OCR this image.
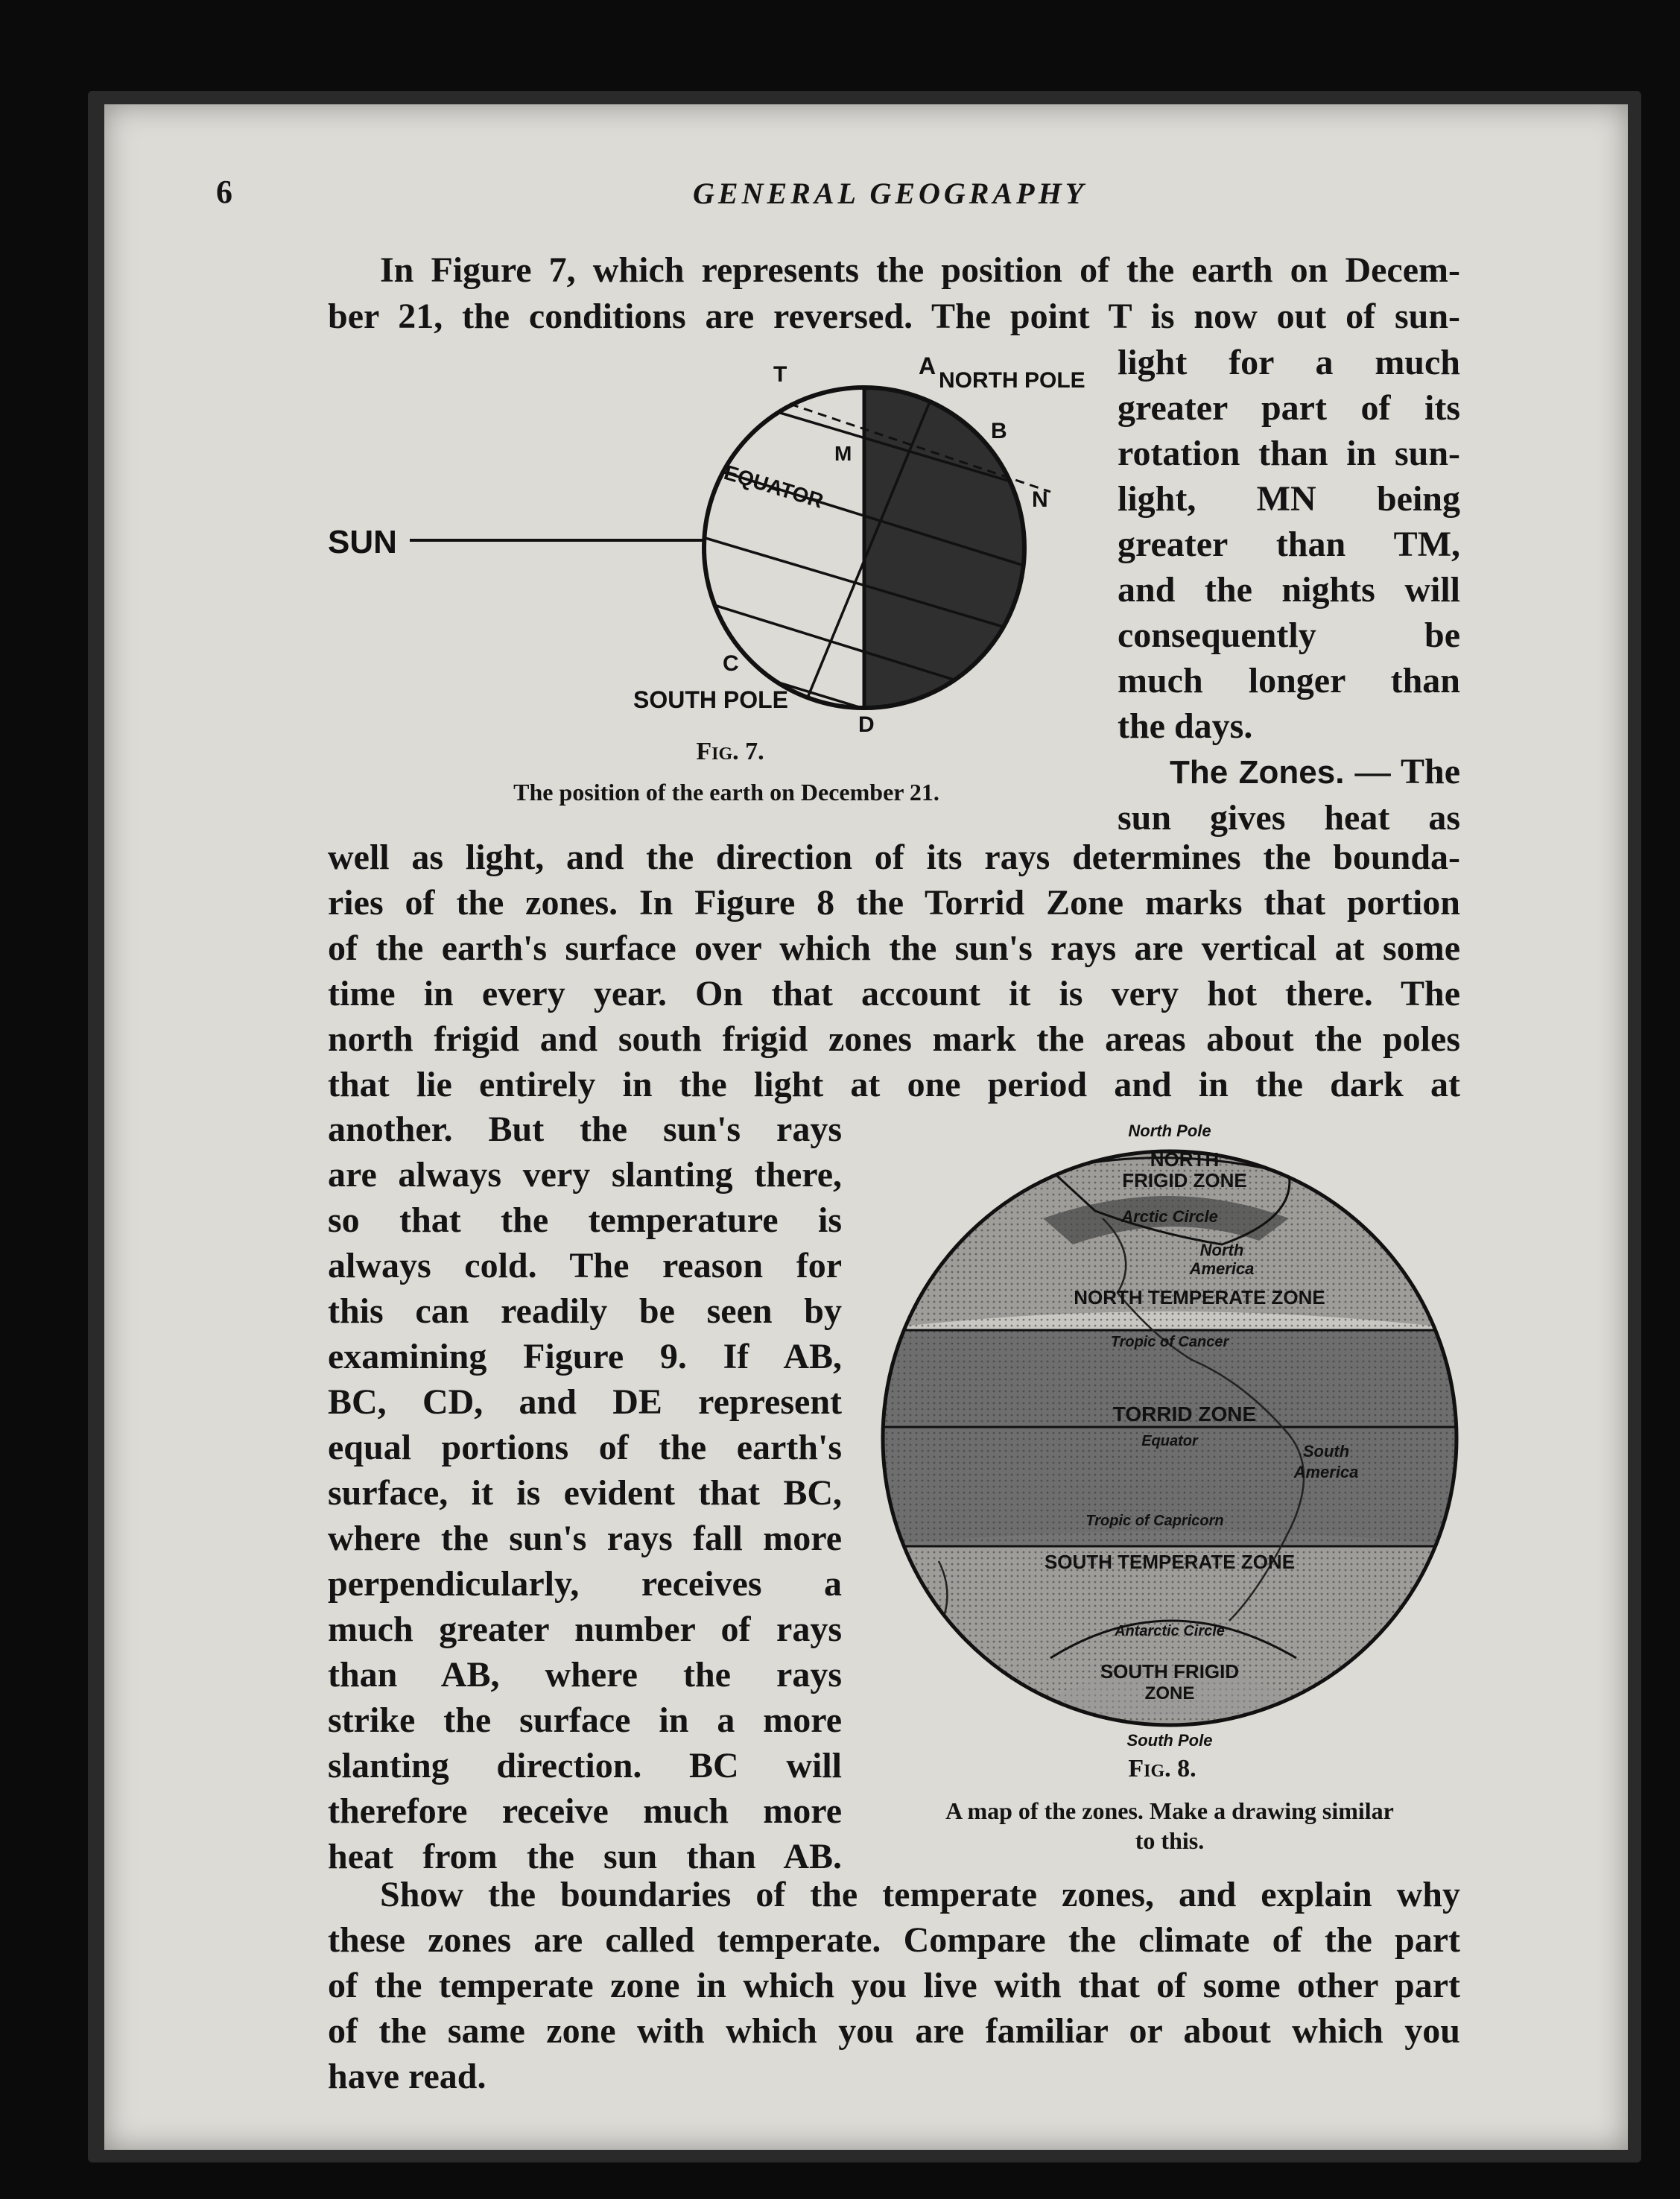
6	GENERAL GEOGRAPHY

In Figure 7, which represents the position of the earth on Decem-

ber 21, the conditions are reversed. The point T is now out of sun-

light for a much
greater part of its
rotation than in sun-
light, MN being
greater than TM,
and the nights will
consequently be
much longer than
the days.
The Zones. — The
sun gives heat as
SUN
A
T
M
B
N
NORTH POLE
EQUATOR
C
SOUTH POLE
D
Fig. 7.
The position of the earth on December 21.
well as light, and the direction of its rays determines the bounda-
ries of the zones. In Figure 8 the Torrid Zone marks that portion
of the earth's surface over which the sun's rays are vertical at some
time in every year. On that account it is very hot there. The
north frigid and south frigid zones mark the areas about the poles
that lie entirely in the light at one period and in the dark at
another. But the sun's rays
are always very slanting there,
so that the temperature is
always cold. The reason for
this can readily be seen by
examining Figure 9. If AB,
BC, CD, and DE represent
equal portions of the earth's
surface, it is evident that BC,
where the sun's rays fall more
perpendicularly, receives a
much greater number of rays
than AB, where the rays
strike the surface in a more
slanting direction. BC will
therefore receive much more
heat from the sun than AB.
North Pole
NORTH
FRIGID ZONE
Arctic Circle
North
America
NORTH TEMPERATE ZONE
Tropic of Cancer
TORRID ZONE
Equator
South
America
Tropic of Capricorn
SOUTH TEMPERATE ZONE
Antarctic Circle
SOUTH FRIGID
ZONE
South Pole
Fig. 8.
A map of the zones. Make a drawing similar
to this.
Show the boundaries of the temperate zones, and explain why
these zones are called temperate. Compare the climate of the part
of the temperate zone in which you live with that of some other part
of the same zone with which you are familiar or about which you
have read.
